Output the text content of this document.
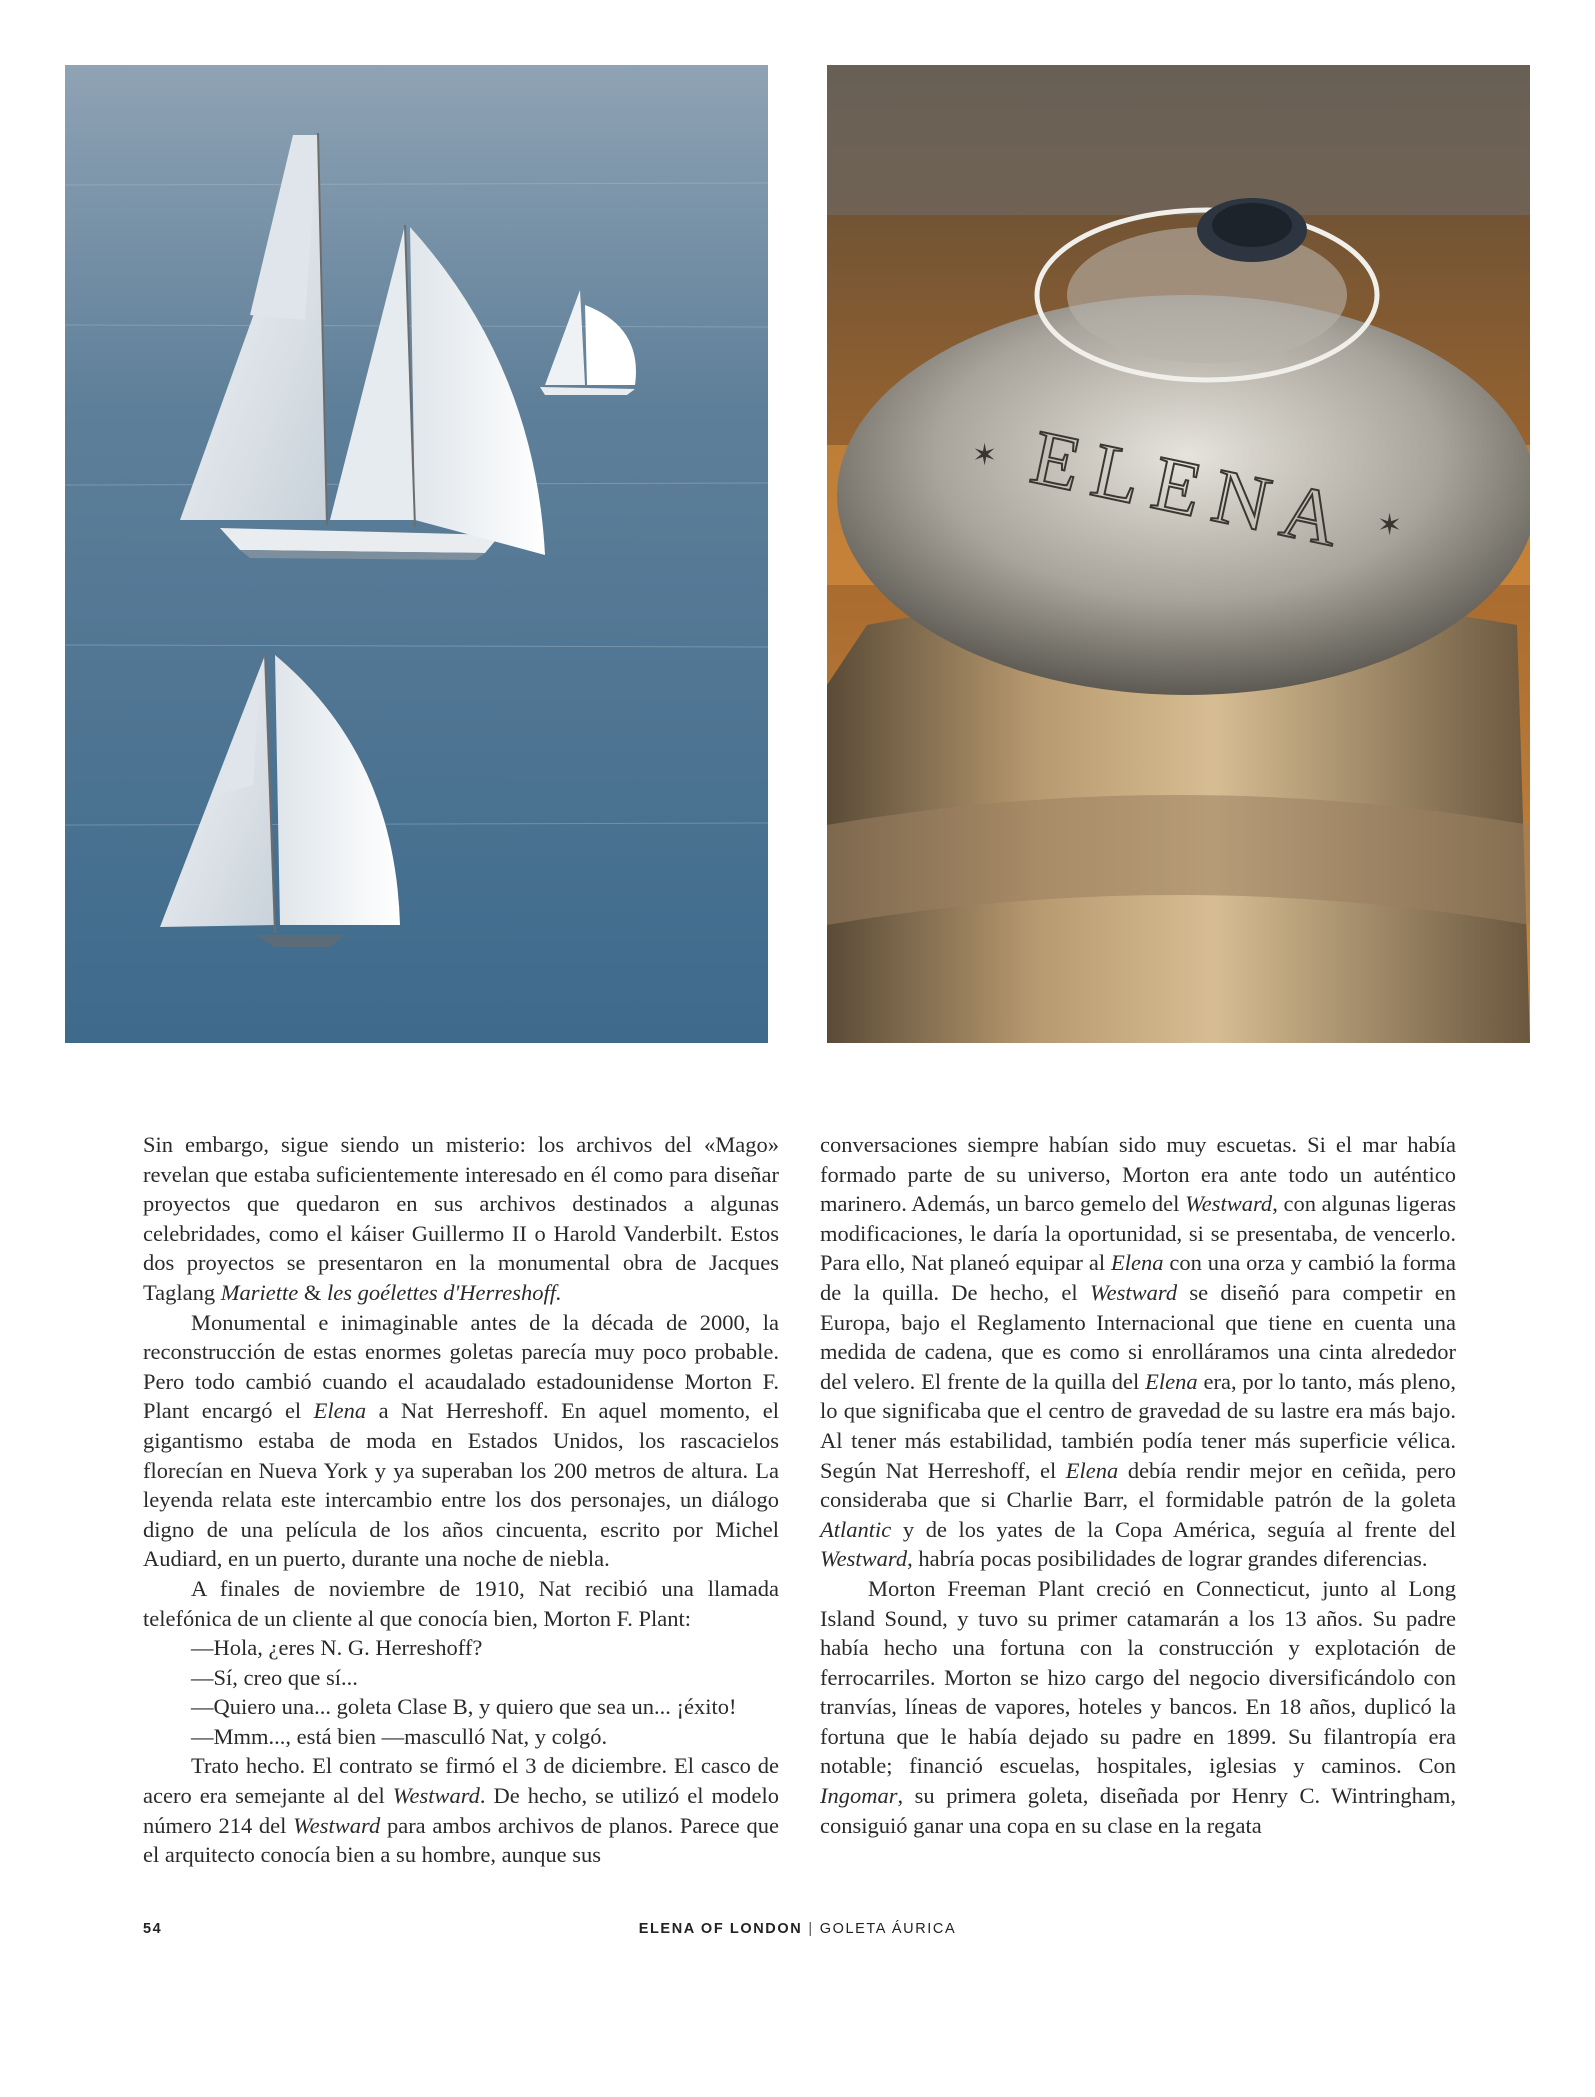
ELENA
✶
✶

Sin embargo, sigue siendo un misterio: los archivos del «Mago» revelan que estaba suficientemente interesado en él como para diseñar proyectos que quedaron en sus archivos destinados a algunas celebridades, como el káiser Guillermo II o Harold Vanderbilt. Estos dos proyectos se presentaron en la monumental obra de Jacques Taglang Mariette & les goélettes d'Herreshoff.

Monumental e inimaginable antes de la década de 2000, la reconstrucción de estas enormes goletas parecía muy poco probable. Pero todo cambió cuando el acaudalado estadounidense Morton F. Plant encargó el Elena a Nat Herreshoff. En aquel momento, el gigantismo estaba de moda en Estados Unidos, los rascacielos florecían en Nueva York y ya superaban los 200 metros de altura. La leyenda relata este intercambio entre los dos personajes, un diálogo digno de una película de los años cincuenta, escrito por Michel Audiard, en un puerto, durante una noche de niebla.

A finales de noviembre de 1910, Nat recibió una llamada telefónica de un cliente al que conocía bien, Morton F. Plant:

—Hola, ¿eres N. G. Herreshoff?

—Sí, creo que sí...

—Quiero una... goleta Clase B, y quiero que sea un... ¡éxito!

—Mmm..., está bien —masculló Nat, y colgó.

Trato hecho. El contrato se firmó el 3 de diciembre. El casco de acero era semejante al del Westward. De hecho, se utilizó el modelo número 214 del Westward para ambos archivos de planos. Parece que el arquitecto conocía bien a su hombre, aunque sus

conversaciones siempre habían sido muy escuetas. Si el mar había formado parte de su universo, Morton era ante todo un auténtico marinero. Además, un barco gemelo del Westward, con algunas ligeras modificaciones, le daría la oportunidad, si se presentaba, de vencerlo. Para ello, Nat planeó equipar al Elena con una orza y cambió la forma de la quilla. De hecho, el Westward se diseñó para competir en Europa, bajo el Reglamento Internacional que tiene en cuenta una medida de cadena, que es como si enrolláramos una cinta alrededor del velero. El frente de la quilla del Elena era, por lo tanto, más pleno, lo que significaba que el centro de gravedad de su lastre era más bajo. Al tener más estabilidad, también podía tener más superficie vélica. Según Nat Herreshoff, el Elena debía rendir mejor en ceñida, pero consideraba que si Charlie Barr, el formidable patrón de la goleta Atlantic y de los yates de la Copa América, seguía al frente del Westward, habría pocas posibilidades de lograr grandes diferencias.

Morton Freeman Plant creció en Connecticut, junto al Long Island Sound, y tuvo su primer catamarán a los 13 años. Su padre había hecho una fortuna con la construcción y explotación de ferrocarriles. Morton se hizo cargo del negocio diversificándolo con tranvías, líneas de vapores, hoteles y bancos. En 18 años, duplicó la fortuna que le había dejado su padre en 1899. Su filantropía era notable; financió escuelas, hospitales, iglesias y caminos. Con Ingomar, su primera goleta, diseñada por Henry C. Wintringham, consiguió ganar una copa en su clase en la regata

54	ELENA OF LONDON | GOLETA ÁURICA
